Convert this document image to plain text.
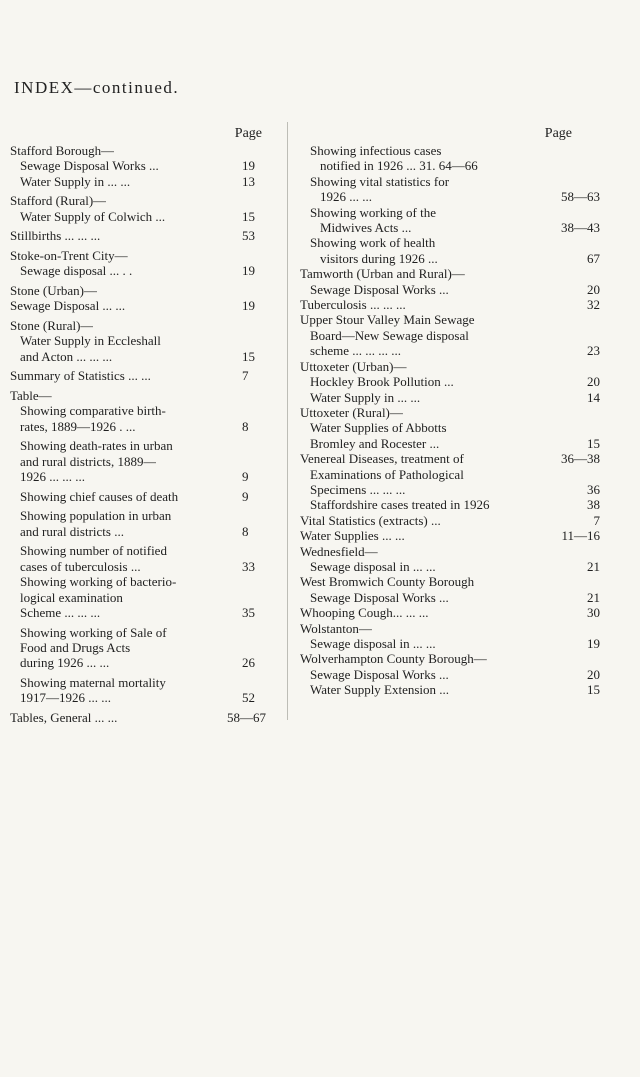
INDEX—continued.
Page
Stafford Borough—
Sewage Disposal Works ...	19
Water Supply in ... ...	13
Stafford (Rural)—
Water Supply of Colwich ...	15
Stillbirths ... ... ...	53
Stoke-on-Trent City—
Sewage disposal ... . .	19
Stone (Urban)—
Sewage Disposal ... ...	19
Stone (Rural)—
Water Supply in Eccleshall
and Acton ... ... ...	15
Summary of Statistics ... ...	7
Table—
Showing comparative birth-
rates, 1889—1926 . ...	8
Showing death-rates in urban
and rural districts, 1889—
1926 ... ... ...	9
Showing chief causes of death	9
Showing population in urban
and rural districts ...	8
Showing number of notified
cases of tuberculosis ...	33
Showing working of bacterio-
logical examination
Scheme ... ... ...	35
Showing working of Sale of
Food and Drugs Acts
during 1926 ... ...	26
Showing maternal mortality
1917—1926 ... ...	52
Tables, General ... ...	58—67
Page
Showing infectious cases
notified in 1926 ... 31. 64—66
Showing vital statistics for
1926 ... ...	58—63
Showing working of the
Midwives Acts ...	38—43
Showing work of health
visitors during 1926 ...	67
Tamworth (Urban and Rural)—
Sewage Disposal Works ...	20
Tuberculosis ... ... ...	32
Upper Stour Valley Main Sewage
Board—New Sewage disposal
scheme ... ... ... ...	23
Uttoxeter (Urban)—
Hockley Brook Pollution ...	20
Water Supply in ... ...	14
Uttoxeter (Rural)—
Water Supplies of Abbotts
Bromley and Rocester ...	15
Venereal Diseases, treatment of	36—38
Examinations of Pathological
Specimens ... ... ...	36
Staffordshire cases treated in 1926	38
Vital Statistics (extracts) ...	7
Water Supplies ... ...	11—16
Wednesfield—
Sewage disposal in ... ...	21
West Bromwich County Borough
Sewage Disposal Works ...	21
Whooping Cough... ... ...	30
Wolstanton—
Sewage disposal in ... ...	19
Wolverhampton County Borough—
Sewage Disposal Works ...	20
Water Supply Extension ...	15
